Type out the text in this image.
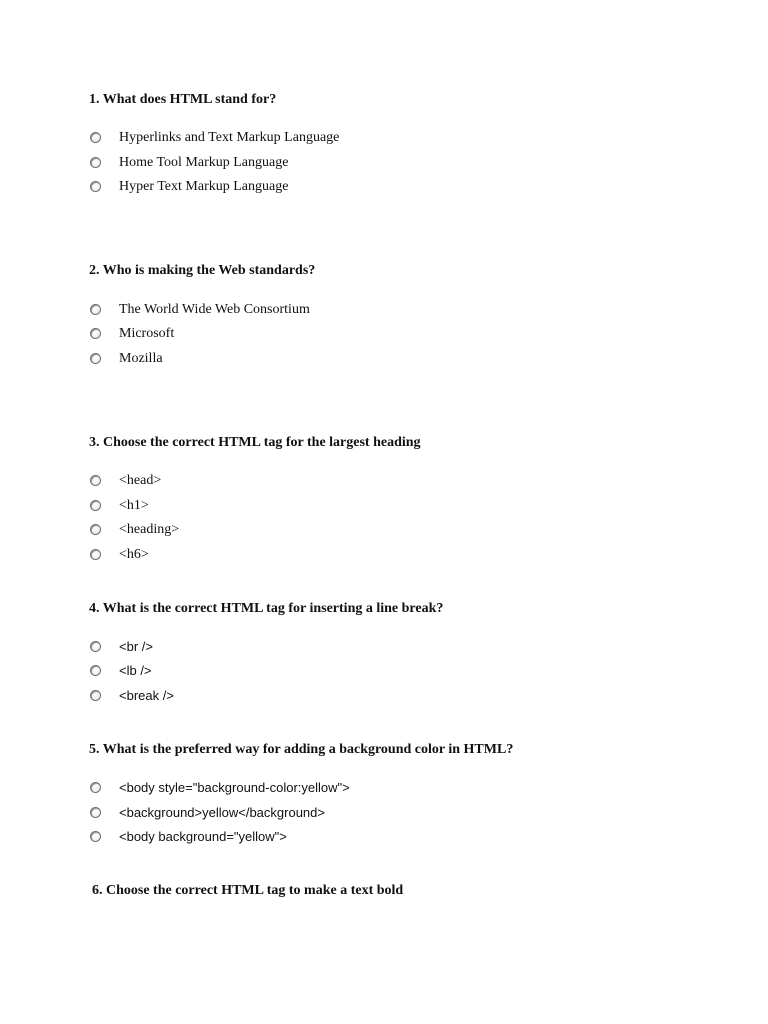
1. What does HTML stand for?
Hyperlinks and Text Markup Language
Home Tool Markup Language
Hyper Text Markup Language
2. Who is making the Web standards?
The World Wide Web Consortium
Microsoft
Mozilla
3. Choose the correct HTML tag for the largest heading
<head>
<h1>
<heading>
<h6>
4. What is the correct HTML tag for inserting a line break?
<br />
<lb />
<break />
5. What is the preferred way for adding a background color in HTML?
<body style="background-color:yellow">
<background>yellow</background>
<body background="yellow">
6. Choose the correct HTML tag to make a text bold
